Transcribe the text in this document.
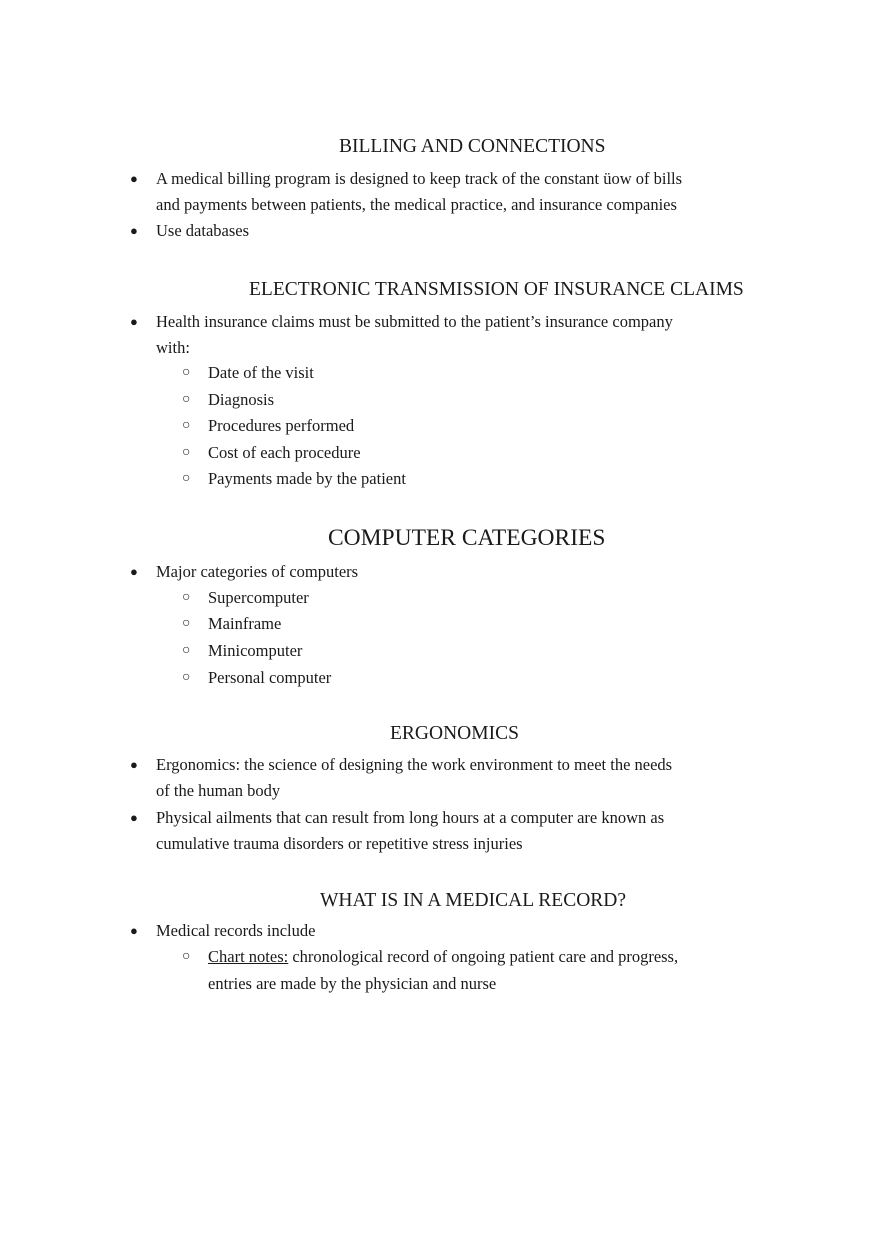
BILLING AND CONNECTIONS
● A medical billing program is designed to keep track of the constant üow of bills
and payments between patients, the medical practice, and insurance companies
● Use databases
ELECTRONIC TRANSMISSION OF INSURANCE CLAIMS
● Health insurance claims must be submitted to the patient’s insurance company
with:
○ Date of the visit
○ Diagnosis
○ Procedures performed
○ Cost of each procedure
○ Payments made by the patient
COMPUTER CATEGORIES
● Major categories of computers
○ Supercomputer
○ Mainframe
○ Minicomputer
○ Personal computer
ERGONOMICS
● Ergonomics: the science of designing the work environment to meet the needs
of the human body
● Physical ailments that can result from long hours at a computer are known as
cumulative trauma disorders or repetitive stress injuries
WHAT IS IN A MEDICAL RECORD?
● Medical records include
○ Chart notes: chronological record of ongoing patient care and progress,
entries are made by the physician and nurse
